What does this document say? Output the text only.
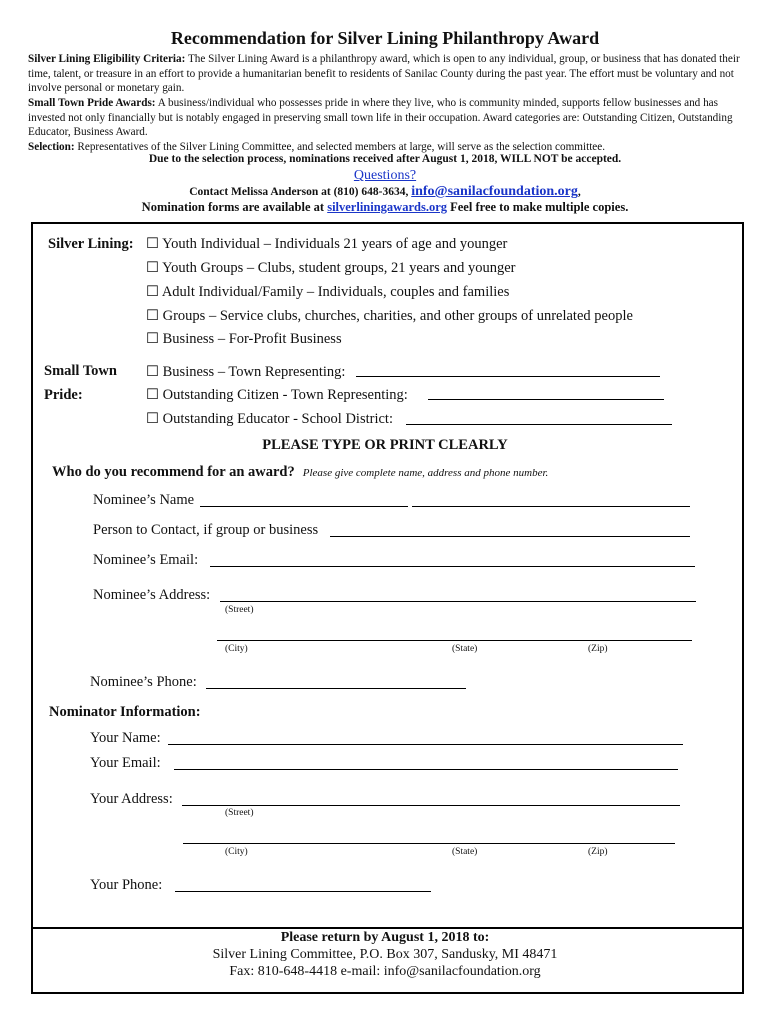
Recommendation for Silver Lining Philanthropy Award
Silver Lining Eligibility Criteria: The Silver Lining Award is a philanthropy award, which is open to any individual, group, or business that has donated their time, talent, or treasure in an effort to provide a humanitarian benefit to residents of Sanilac County during the past year. The effort must be voluntary and not involve personal or monetary gain.
Small Town Pride Awards: A business/individual who possesses pride in where they live, who is community minded, supports fellow businesses and has invested not only financially but is notably engaged in preserving small town life in their occupation. Award categories are: Outstanding Citizen, Outstanding Educator, Business Award.
Selection: Representatives of the Silver Lining Committee, and selected members at large, will serve as the selection committee.
Due to the selection process, nominations received after August 1, 2018, WILL NOT be accepted.
Questions?
Contact Melissa Anderson at (810) 648-3634, info@sanilacfoundation.org,
Nomination forms are available at silverliningawards.org Feel free to make multiple copies.
Silver Lining: ☐ Youth Individual – Individuals 21 years of age and younger
☐ Youth Groups – Clubs, student groups, 21 years and younger
☐ Adult Individual/Family – Individuals, couples and families
☐ Groups – Service clubs, churches, charities, and other groups of unrelated people
☐ Business – For-Profit Business
Small Town
Pride:
☐ Business – Town Representing:
☐ Outstanding Citizen - Town Representing:
☐ Outstanding Educator - School District:
PLEASE TYPE OR PRINT CLEARLY
Who do you recommend for an award? Please give complete name, address and phone number.
Nominee’s Name
Person to Contact, if group or business
Nominee’s Email:
Nominee’s Address:
(Street)
(City)	(State)	(Zip)
Nominee’s Phone:
Nominator Information:
Your Name:
Your Email:
Your Address:
(Street)
(City)	(State)	(Zip)
Your Phone:
Please return by August 1, 2018 to:
Silver Lining Committee, P.O. Box 307, Sandusky, MI 48471
Fax: 810-648-4418 e-mail: info@sanilacfoundation.org
